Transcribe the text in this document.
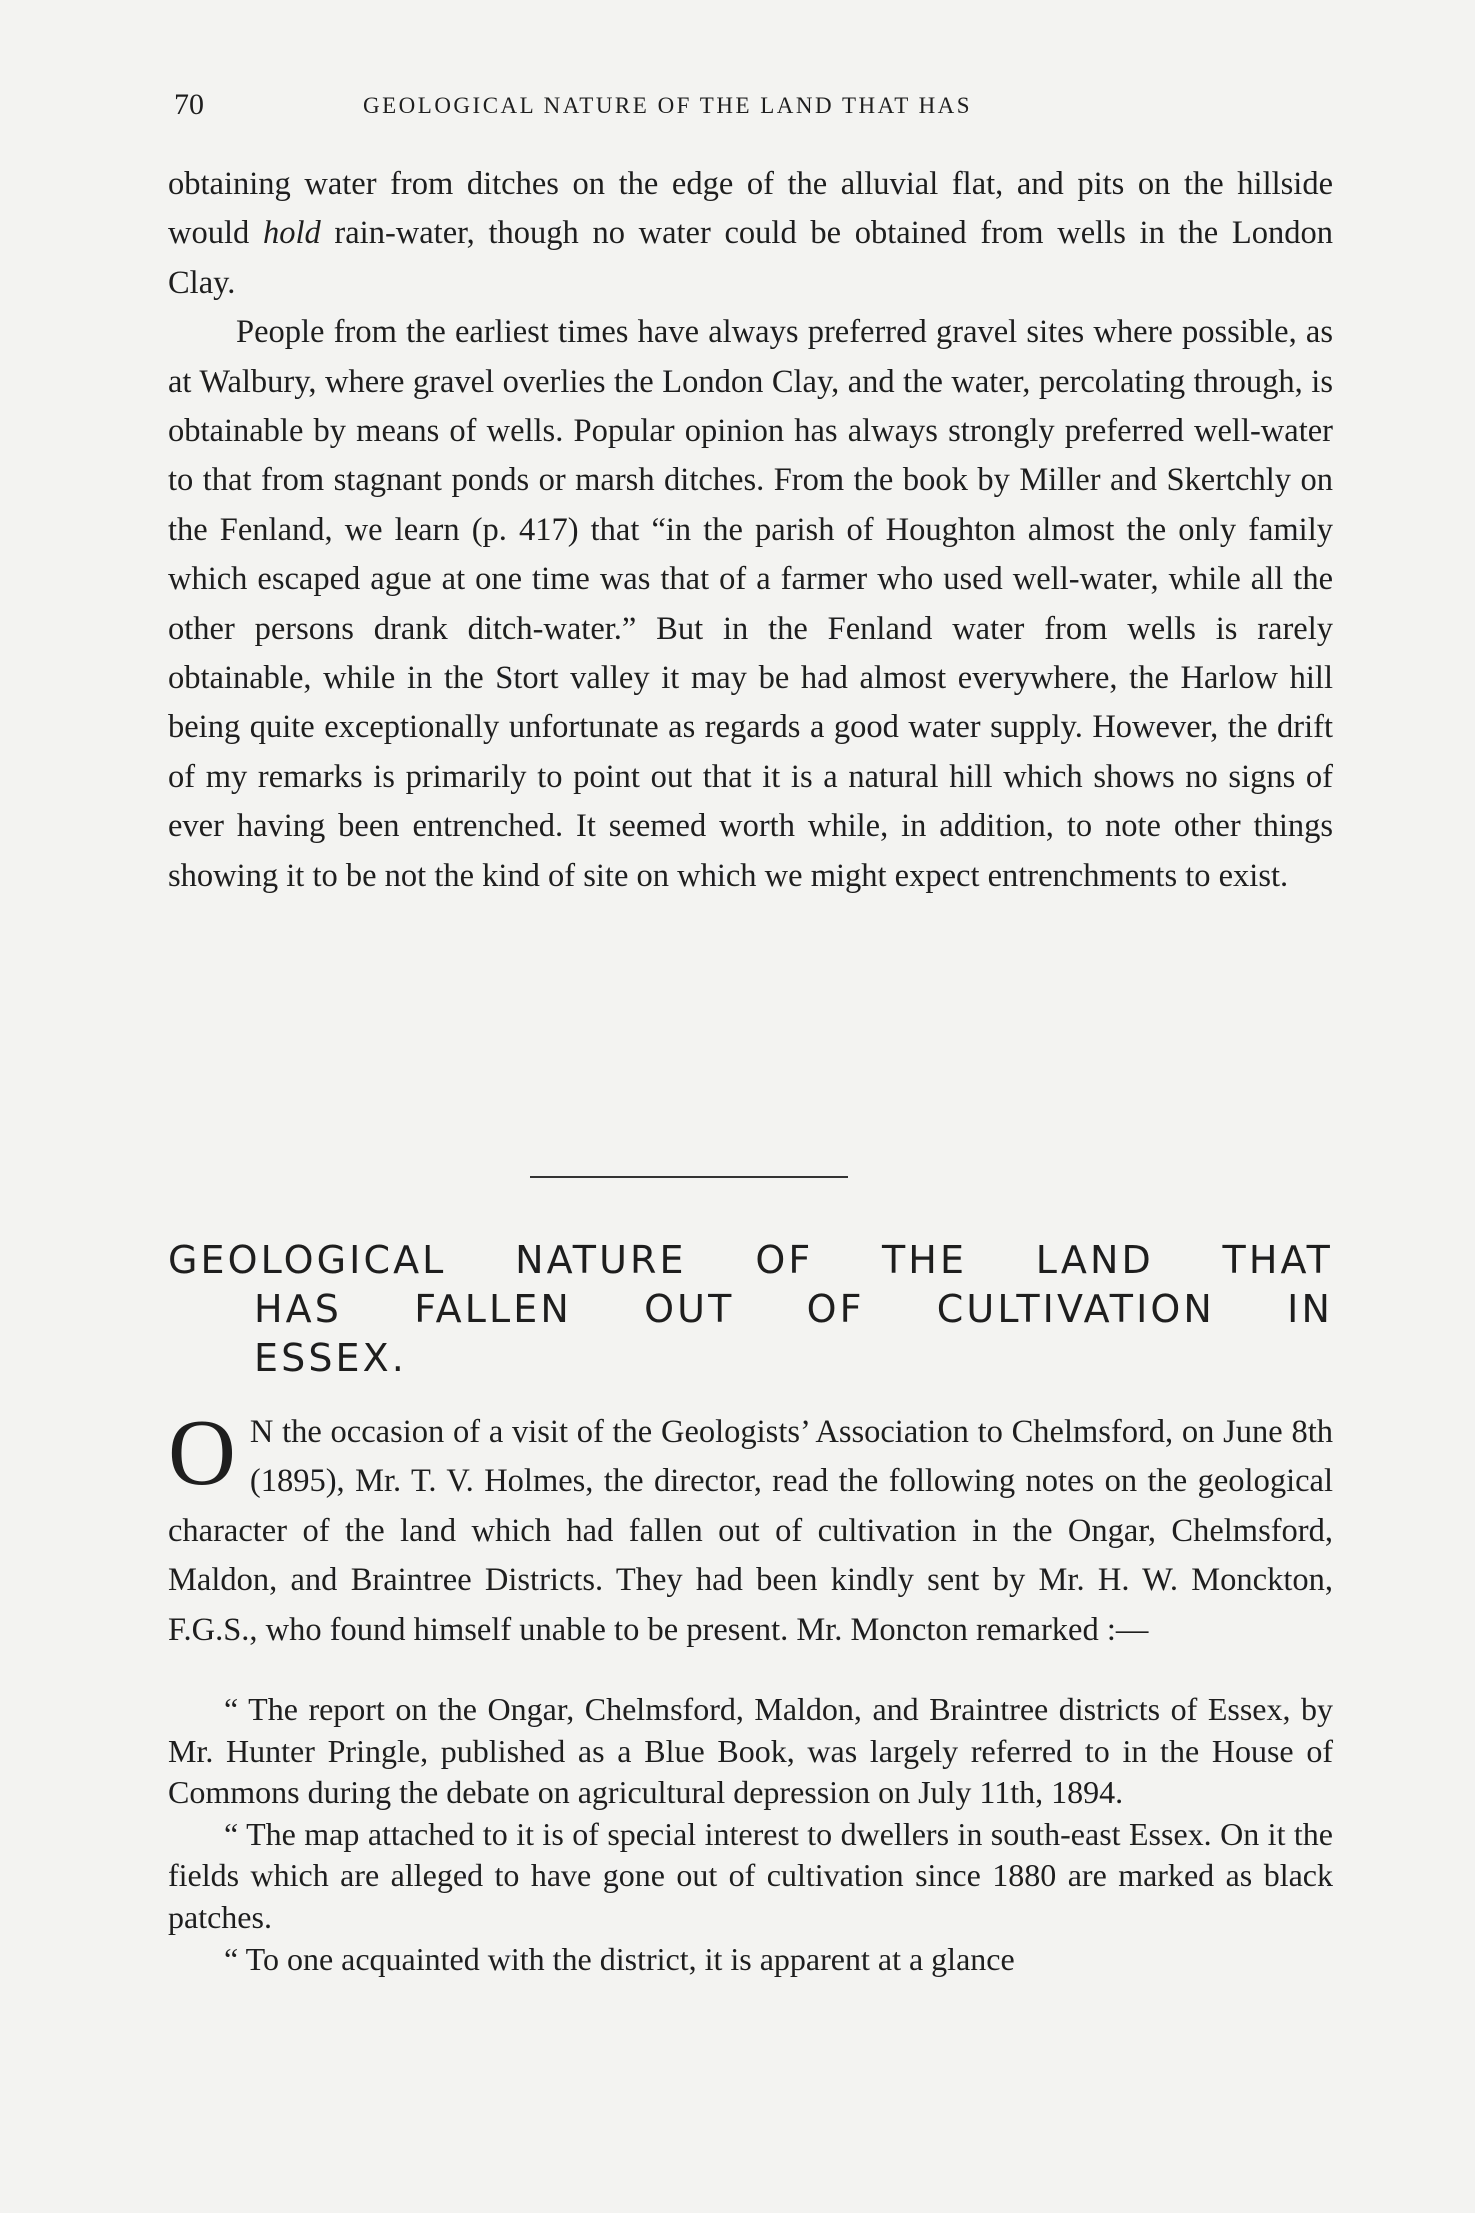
70	GEOLOGICAL NATURE OF THE LAND THAT HAS

obtaining water from ditches on the edge of the alluvial flat, and pits on the hillside would hold rain-water, though no water could be obtained from wells in the London Clay.

People from the earliest times have always preferred gravel sites where possible, as at Walbury, where gravel overlies the London Clay, and the water, percolating through, is obtainable by means of wells. Popular opinion has always strongly preferred well-water to that from stagnant ponds or marsh ditches. From the book by Miller and Skertchly on the Fenland, we learn (p. 417) that “in the parish of Houghton almost the only family which escaped ague at one time was that of a farmer who used well-water, while all the other persons drank ditch-water.” But in the Fenland water from wells is rarely obtainable, while in the Stort valley it may be had almost everywhere, the Harlow hill being quite exceptionally unfortunate as regards a good water supply. However, the drift of my remarks is primarily to point out that it is a natural hill which shows no signs of ever having been entrenched. It seemed worth while, in addition, to note other things showing it to be not the kind of site on which we might expect entrenchments to exist.

GEOLOGICAL NATURE OF THE LAND THAT
HAS FALLEN OUT OF CULTIVATION IN
ESSEX.

O N the occasion of a visit of the Geologists’ Association to Chelmsford, on June 8th (1895), Mr. T. V. Holmes, the director, read the following notes on the geological character of the land which had fallen out of cultivation in the Ongar, Chelmsford, Maldon, and Braintree Districts. They had been kindly sent by Mr. H. W. Monckton, F.G.S., who found himself unable to be present. Mr. Moncton remarked :—

“ The report on the Ongar, Chelmsford, Maldon, and Braintree districts of Essex, by Mr. Hunter Pringle, published as a Blue Book, was largely referred to in the House of Commons during the debate on agricultural depression on July 11th, 1894.

“ The map attached to it is of special interest to dwellers in south-east Essex. On it the fields which are alleged to have gone out of cultivation since 1880 are marked as black patches.

“ To one acquainted with the district, it is apparent at a glance
